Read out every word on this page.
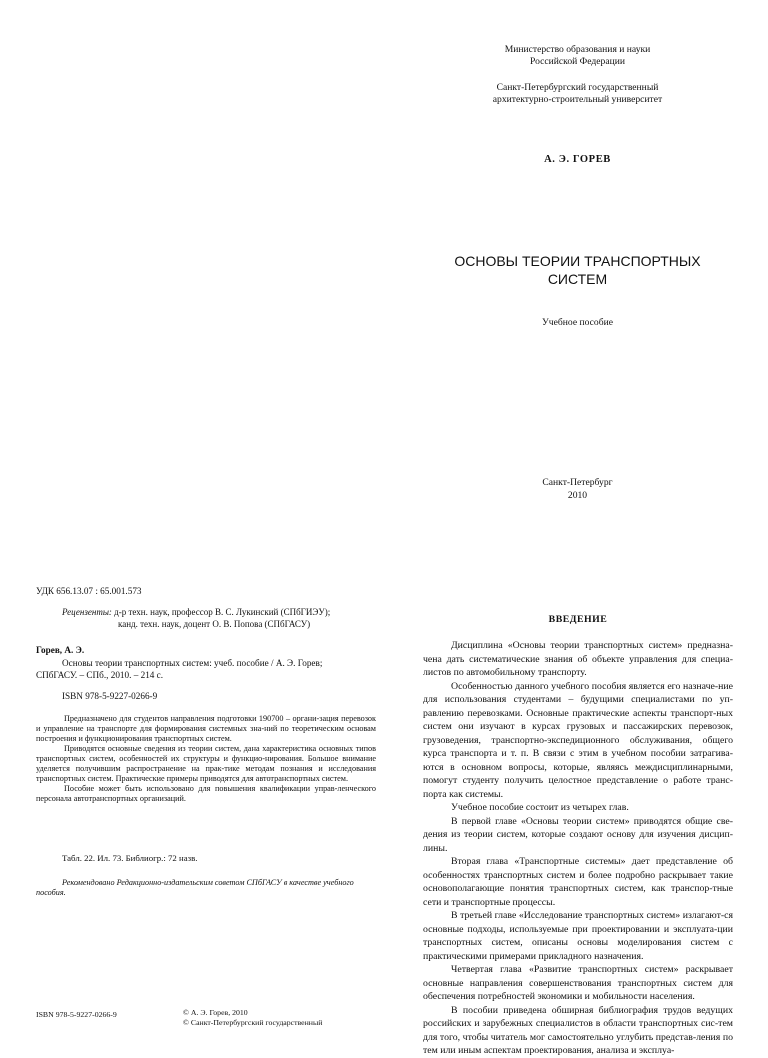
Министерство образования и науки
Российской Федерации
Санкт-Петербургский государственный
архитектурно-строительный университет
А. Э. ГОРЕВ
ОСНОВЫ ТЕОРИИ ТРАНСПОРТНЫХ
СИСТЕМ
Учебное пособие
Санкт-Петербург
2010
УДК 656.13.07 : 65.001.573
Рецензенты: д-р техн. наук, профессор В. С. Лукинский (СПбГИЭУ);
канд. техн. наук, доцент О. В. Попова (СПбГАСУ)
Горев, А. Э.
Основы теории транспортных систем: учеб. пособие / А. Э. Горев;
СПбГАСУ. – СПб., 2010. – 214 с.
ISBN 978-5-9227-0266-9

Предназначено для студентов направления подготовки 190700 – органи-зация перевозок и управление на транспорте для формирования системных зна-ний по теоретическим основам построения и функционирования транспортных систем.

Приводятся основные сведения из теории систем, дана характеристика основных типов транспортных систем, особенностей их структуры и функцио-нирования. Большое внимание уделяется получившим распространение на прак-тике методам познания и исследования транспортных систем. Практические примеры приводятся для автотранспортных систем.

Пособие может быть использовано для повышения квалификации управ-ленческого персонала автотранспортных организаций.

Табл. 22. Ил. 73. Библиогр.: 72 назв.
Рекомендовано Редакционно-издательским советом СПбГАСУ в качестве учебного пособия.
ISBN 978-5-9227-0266-9	© А. Э. Горев, 2010
© Санкт-Петербургский государственный
ВВЕДЕНИЕ

Дисциплина «Основы теории транспортных систем» предназна-чена дать систематические знания об объекте управления для специа-листов по автомобильному транспорту.

Особенностью данного учебного пособия является его назначе-ние для использования студентами – будущими специалистами по уп-равлению перевозками. Основные практические аспекты транспорт-ных систем они изучают в курсах грузовых и пассажирских перевозок, грузоведения, транспортно-экспедиционного обслуживания, общего курса транспорта и т. п. В связи с этим в учебном пособии затрагива-ются в основном вопросы, которые, являясь междисциплинарными, помогут студенту получить целостное представление о работе транс-порта как системы.

Учебное пособие состоит из четырех глав.

В первой главе «Основы теории систем» приводятся общие све-дения из теории систем, которые создают основу для изучения дисцип-лины.

Вторая глава «Транспортные системы» дает представление об особенностях транспортных систем и более подробно раскрывает такие основополагающие понятия транспортных систем, как транспор-тные сети и транспортные процессы.

В третьей главе «Исследование транспортных систем» излагают-ся основные подходы, используемые при проектировании и эксплуата-ции транспортных систем, описаны основы моделирования систем с практическими примерами прикладного назначения.

Четвертая глава «Развитие транспортных систем» раскрывает основные направления совершенствования транспортных систем для обеспечения потребностей экономики и мобильности населения.

В пособии приведена обширная библиография трудов ведущих российских и зарубежных специалистов в области транспортных сис-тем для того, чтобы читатель мог самостоятельно углубить представ-ления по тем или иным аспектам проектирования, анализа и эксплуа-
